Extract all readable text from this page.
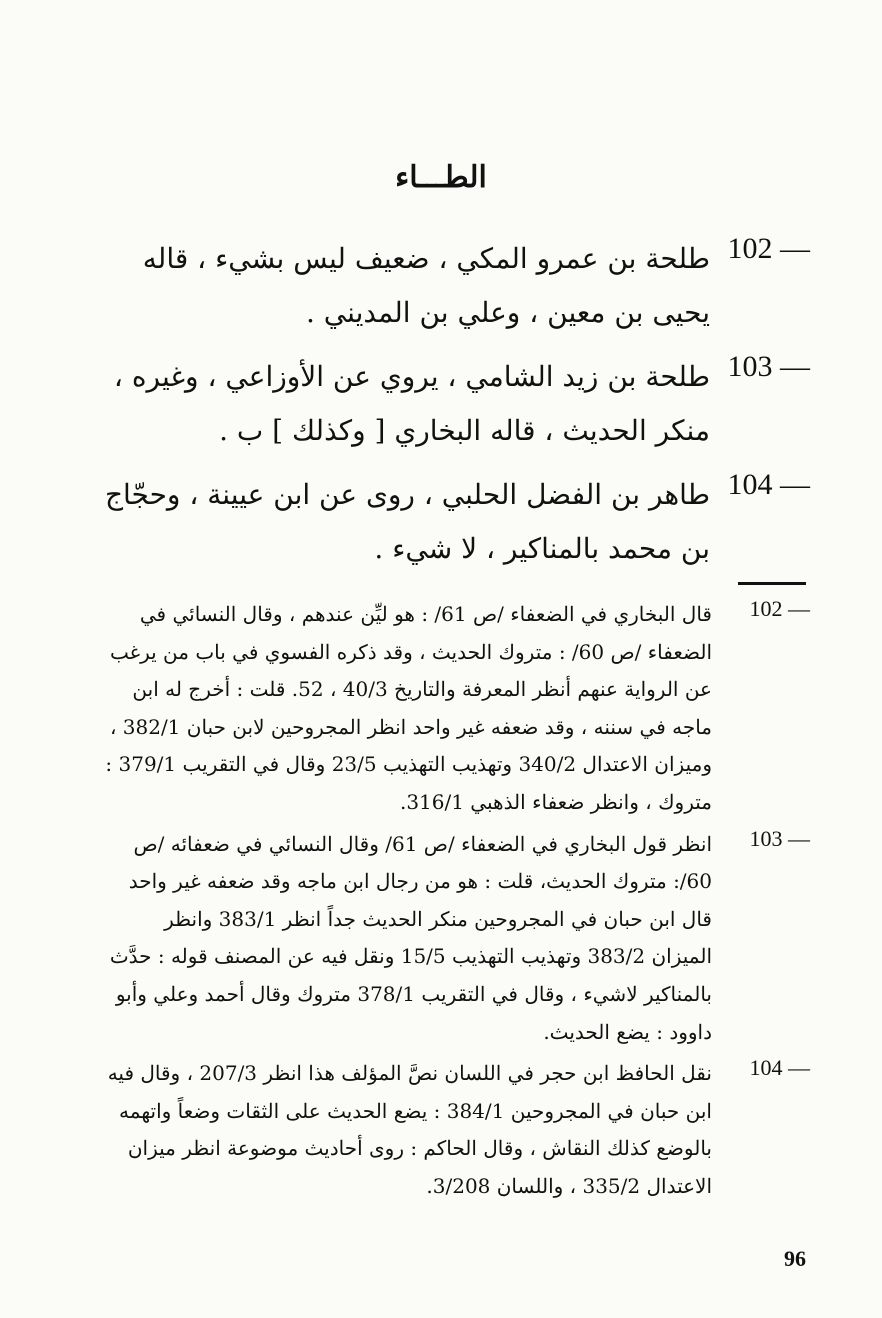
الطـــاء
102 —
طلحة بن عمرو المكي ، ضعيف ليس بشيء ، قاله يحيى بن معين ، وعلي بن المديني .
103 —
طلحة بن زيد الشامي ، يروي عن الأوزاعي ، وغيره ، منكر الحديث ، قاله البخاري [ وكذلك ] ب .
104 —
طاهر بن الفضل الحلبي ، روى عن ابن عيينة ، وحجّاج بن محمد بالمناكير ، لا شيء .
102 —
قال البخاري في الضعفاء /ص 61/ : هو ليِّن عندهم ، وقال النسائي في الضعفاء /ص 60/ : متروك الحديث ، وقد ذكره الفسوي في باب من يرغب عن الرواية عنهم أنظر المعرفة والتاريخ 40/3 ، 52. قلت : أخرج له ابن ماجه في سننه ، وقد ضعفه غير واحد انظر المجروحين لابن حبان 382/1 ، وميزان الاعتدال 340/2 وتهذيب التهذيب 23/5 وقال في التقريب 379/1 : متروك ، وانظر ضعفاء الذهبي 316/1.
103 —
انظر قول البخاري في الضعفاء /ص 61/ وقال النسائي في ضعفائه /ص 60/: متروك الحديث، قلت : هو من رجال ابن ماجه وقد ضعفه غير واحد قال ابن حبان في المجروحين منكر الحديث جداً انظر 383/1 وانظر الميزان 383/2 وتهذيب التهذيب 15/5 ونقل فيه عن المصنف قوله : حدَّث بالمناكير لاشيء ، وقال في التقريب 378/1 متروك وقال أحمد وعلي وأبو داوود : يضع الحديث.
104 —
نقل الحافظ ابن حجر في اللسان نصَّ المؤلف هذا انظر 207/3 ، وقال فيه ابن حبان في المجروحين 384/1 : يضع الحديث على الثقات وضعاً واتهمه بالوضع كذلك النقاش ، وقال الحاكم : روى أحاديث موضوعة انظر ميزان الاعتدال 335/2 ، واللسان 3/208.
96
